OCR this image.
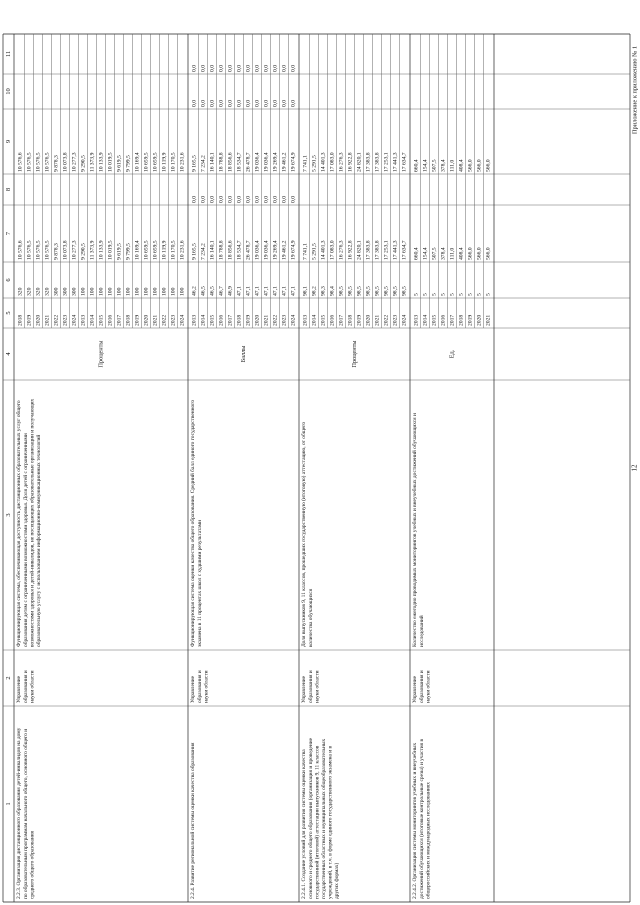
1
2
3
4
5
6
7
8
9
10
11
2.2.3. Организация дистанционного образования детей-инвалидов на дому по образовательным программам начального общего, основного общего и среднего общего образования
Управление образования и науки области
Функционирующая система, обеспечивающая доступность дистанционных образовательных услуг общего образования детям с ограниченными возможностями здоровья. Доля детей с ограниченными возможностями здоровья и детей-инвалидов, не посещающих образовательные организации и получающих образовательную услугу с использованием информационно-коммуникационных технологий
Проценты
2018
320
10 576,6
10 576,6
2019
320
10 576,5
10 576,5
2020
320
10 576,5
10 576,5
2021
320
10 576,5
10 576,5
2022
300
9 878,3
9 878,3
2023
300
10 073,8
10 073,8
2024
300
10 277,3
10 277,3
2013
100
9 290,5
9 290,5
2014
100
11 373,9
11 373,9
2015
100
10 133,9
10 133,9
2016
100
10 019,5
10 019,5
2017
100
9 619,5
9 619,5
2018
100
9 799,5
9 799,5
2019
100
10 169,4
10 169,4
2020
100
10 659,5
10 659,5
2021
100
10 659,5
10 659,5
2022
100
10 119,9
10 119,9
2023
100
10 170,5
10 170,5
2024
100
10 231,6
10 231,6
2.2.4. Развитие региональной системы оценки качества образования
Управление образования и науки области
Функционирующая система оценки качества общего образования. Средний балл единого государственного экзамена в 11 процентах школ с худшими результатами
Баллы
2013
46,2
9 165,5
0,0
9 165,5
0,0
0,0
2014
46,5
7 234,2
0,0
7 234,2
0,0
0,0
2015
46,5
16 140,1
0,0
16 140,1
0,0
0,0
2016
46,7
18 788,8
0,0
18 788,8
0,0
0,0
2017
46,9
18 856,6
0,0
18 856,6
0,0
0,0
2018
47,1
18 534,7
0,0
18 534,7
0,0
0,0
2019
47,1
26 478,7
0,0
26 478,7
0,0
0,0
2020
47,1
19 036,4
0,0
19 036,4
0,0
0,0
2021
47,1
19 036,4
0,0
19 036,4
0,0
0,0
2022
47,1
19 269,4
0,0
19 269,4
0,0
0,0
2023
47,1
19 461,2
0,0
19 461,2
0,0
0,0
2024
47,1
19 674,9
0,0
19 674,9
0,0
0,0
2.2.4.1. Создание условий для развития системы оценки качества основного и среднего общего образования (организация и проведение государственной (итоговой) аттестации выпускников 9, 11 классов государственных областных и муниципальных общеобразовательных учреждений, в т.ч. в форме единого государственного экзамена и в других формах)
Управление образования и науки области
Доля выпускников 9, 11 классов, прошедших государственную (итоговую) аттестацию, от общего количества обучающихся
Проценты
2013
98,1
7 741,1
7 741,1
2014
98,2
5 291,5
5 291,5
2015
98,3
14 401,3
14 401,3
2016
98,4
17 083,0
17 083,0
2017
98,5
16 276,3
16 276,3
2018
98,5
16 922,8
16 922,8
2019
98,5
24 820,1
24 820,1
2020
98,5
17 383,8
17 383,8
2021
98,5
17 383,8
17 383,8
2022
98,5
17 253,1
17 253,1
2023
98,5
17 441,3
17 441,3
2024
98,5
17 634,7
17 634,7
2.2.4.2. Организация системы мониторингов учебных и внеучебных достижений обучающихся (итоговые контрольные срезы) и участия в общероссийских и международных исследованиях
Управление образования и науки области
Количество ежегодно проводимых мониторингов учебных и внеучебных достижений обучающихся и исследований
Ед.
2013
5
660,4
660,4
2014
5
154,4
154,4
2015
5
507,5
507,5
2016
5
378,4
378,4
2017
5
111,0
111,0
2018
5
408,4
408,4
2019
5
566,0
566,0
2020
5
566,0
566,0
2021
5
566,0
566,0
12
Приложение к приложению № 1
